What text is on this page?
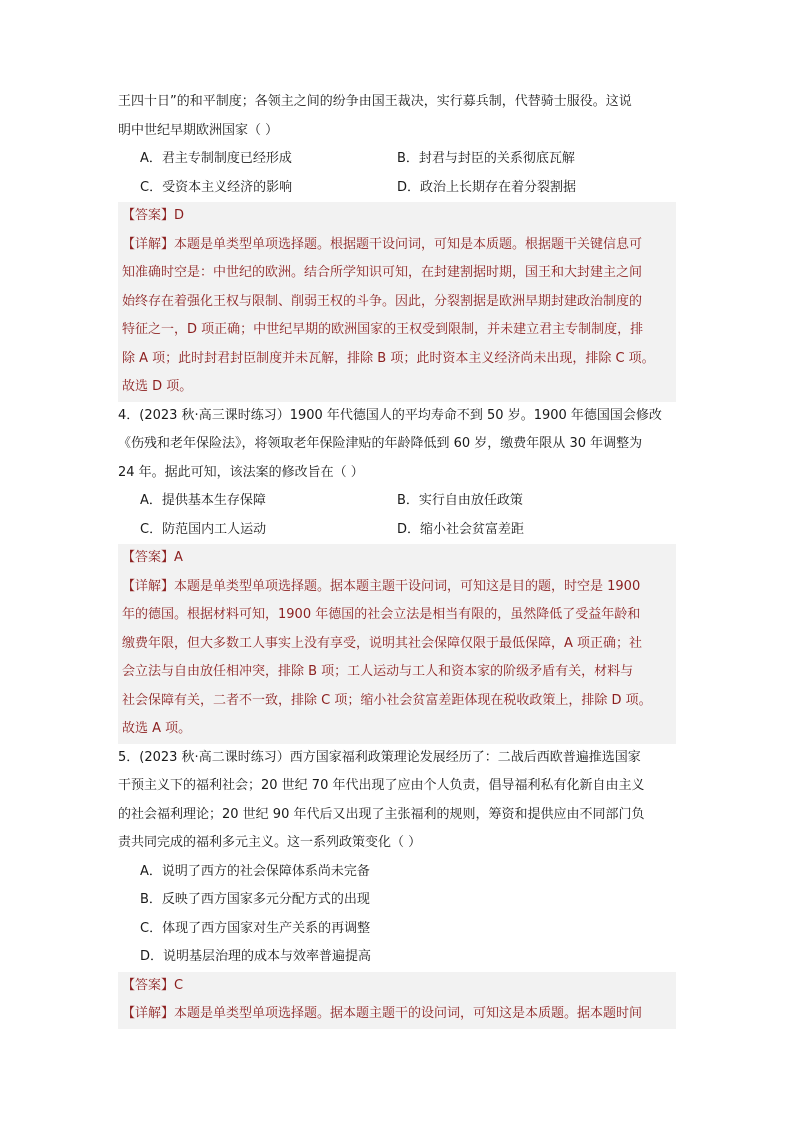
王四十日”的和平制度；各领主之间的纷争由国王裁决，实行募兵制，代替骑士服役。这说
明中世纪早期欧洲国家（ ）
A．君主专制制度已经形成	B．封君与封臣的关系彻底瓦解
C．受资本主义经济的影响	D．政治上长期存在着分裂割据
【答案】D
【详解】本题是单类型单项选择题。根据题干设问词，可知是本质题。根据题干关键信息可
知准确时空是：中世纪的欧洲。结合所学知识可知，在封建割据时期，国王和大封建主之间
始终存在着强化王权与限制、削弱王权的斗争。因此，分裂割据是欧洲早期封建政治制度的
特征之一，D 项正确；中世纪早期的欧洲国家的王权受到限制，并未建立君主专制制度，排
除 A 项；此时封君封臣制度并未瓦解，排除 B 项；此时资本主义经济尚未出现，排除 C 项。
故选 D 项。
4．(2023 秋·高三课时练习）1900 年代德国人的平均寿命不到 50 岁。1900 年德国国会修改
《伤残和老年保险法》，将领取老年保险津贴的年龄降低到 60 岁，缴费年限从 30 年调整为
24 年。据此可知，该法案的修改旨在（ ）
A．提供基本生存保障	B．实行自由放任政策
C．防范国内工人运动	D．缩小社会贫富差距
【答案】A
【详解】本题是单类型单项选择题。据本题主题干设问词，可知这是目的题，时空是 1900
年的德国。根据材料可知，1900 年德国的社会立法是相当有限的，虽然降低了受益年龄和
缴费年限，但大多数工人事实上没有享受，说明其社会保障仅限于最低保障，A 项正确；社
会立法与自由放任相冲突，排除 B 项；工人运动与工人和资本家的阶级矛盾有关，材料与
社会保障有关，二者不一致，排除 C 项；缩小社会贫富差距体现在税收政策上，排除 D 项。
故选 A 项。
5．(2023 秋·高二课时练习）西方国家福利政策理论发展经历了：二战后西欧普遍推选国家
干预主义下的福利社会；20 世纪 70 年代出现了应由个人负责，倡导福利私有化新自由主义
的社会福利理论；20 世纪 90 年代后又出现了主张福利的规则，筹资和提供应由不同部门负
责共同完成的福利多元主义。这一系列政策变化（ ）
A．说明了西方的社会保障体系尚未完备
B．反映了西方国家多元分配方式的出现
C．体现了西方国家对生产关系的再调整
D．说明基层治理的成本与效率普遍提高
【答案】C
【详解】本题是单类型单项选择题。据本题主题干的设问词，可知这是本质题。据本题时间
